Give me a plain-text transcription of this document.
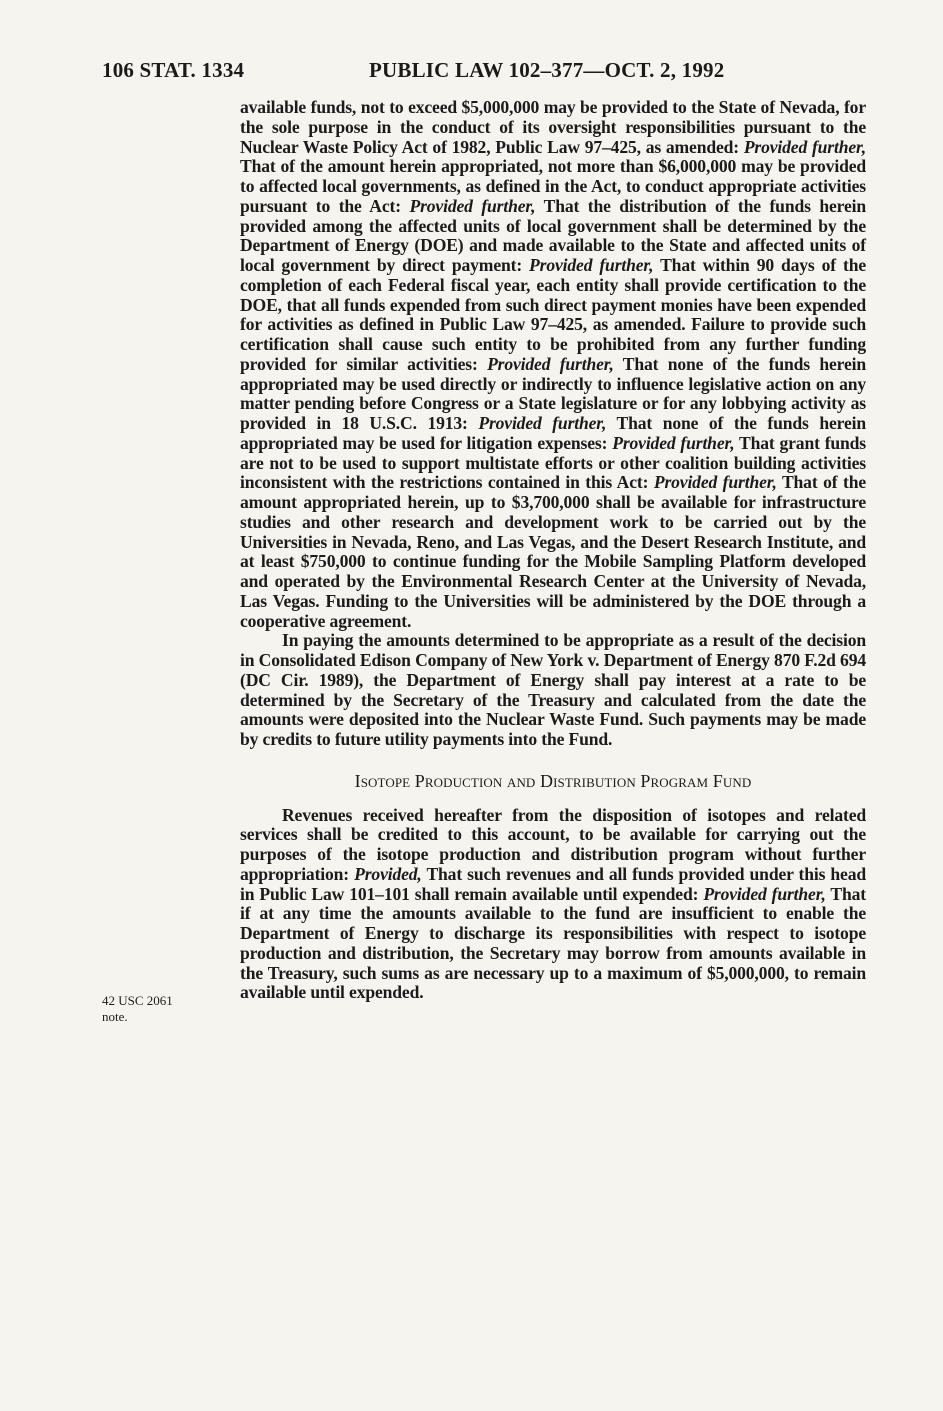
106 STAT. 1334	PUBLIC LAW 102–377—OCT. 2, 1992
42 USC 2061
note.

available funds, not to exceed $5,000,000 may be provided to the State of Nevada, for the sole purpose in the conduct of its oversight responsibilities pursuant to the Nuclear Waste Policy Act of 1982, Public Law 97–425, as amended: Provided further, That of the amount herein appropriated, not more than $6,000,000 may be provided to affected local governments, as defined in the Act, to conduct appropriate activities pursuant to the Act: Provided further, That the distribution of the funds herein provided among the affected units of local government shall be determined by the Department of Energy (DOE) and made available to the State and affected units of local government by direct payment: Provided further, That within 90 days of the completion of each Federal fiscal year, each entity shall provide certification to the DOE, that all funds expended from such direct payment monies have been expended for activities as defined in Public Law 97–425, as amended. Failure to provide such certification shall cause such entity to be prohibited from any further funding provided for similar activities: Provided further, That none of the funds herein appropriated may be used directly or indirectly to influence legislative action on any matter pending before Congress or a State legislature or for any lobbying activity as provided in 18 U.S.C. 1913: Provided further, That none of the funds herein appropriated may be used for litigation expenses: Provided further, That grant funds are not to be used to support multistate efforts or other coalition building activities inconsistent with the restrictions contained in this Act: Provided further, That of the amount appropriated herein, up to $3,700,000 shall be available for infrastructure studies and other research and development work to be carried out by the Universities in Nevada, Reno, and Las Vegas, and the Desert Research Institute, and at least $750,000 to continue funding for the Mobile Sampling Platform developed and operated by the Environmental Research Center at the University of Nevada, Las Vegas. Funding to the Universities will be administered by the DOE through a cooperative agreement.

In paying the amounts determined to be appropriate as a result of the decision in Consolidated Edison Company of New York v. Department of Energy 870 F.2d 694 (DC Cir. 1989), the Department of Energy shall pay interest at a rate to be determined by the Secretary of the Treasury and calculated from the date the amounts were deposited into the Nuclear Waste Fund. Such payments may be made by credits to future utility payments into the Fund.

Isotope Production and Distribution Program Fund

Revenues received hereafter from the disposition of isotopes and related services shall be credited to this account, to be available for carrying out the purposes of the isotope production and distribution program without further appropriation: Provided, That such revenues and all funds provided under this head in Public Law 101–101 shall remain available until expended: Provided further, That if at any time the amounts available to the fund are insufficient to enable the Department of Energy to discharge its responsibilities with respect to isotope production and distribution, the Secretary may borrow from amounts available in the Treasury, such sums as are necessary up to a maximum of $5,000,000, to remain available until expended.
